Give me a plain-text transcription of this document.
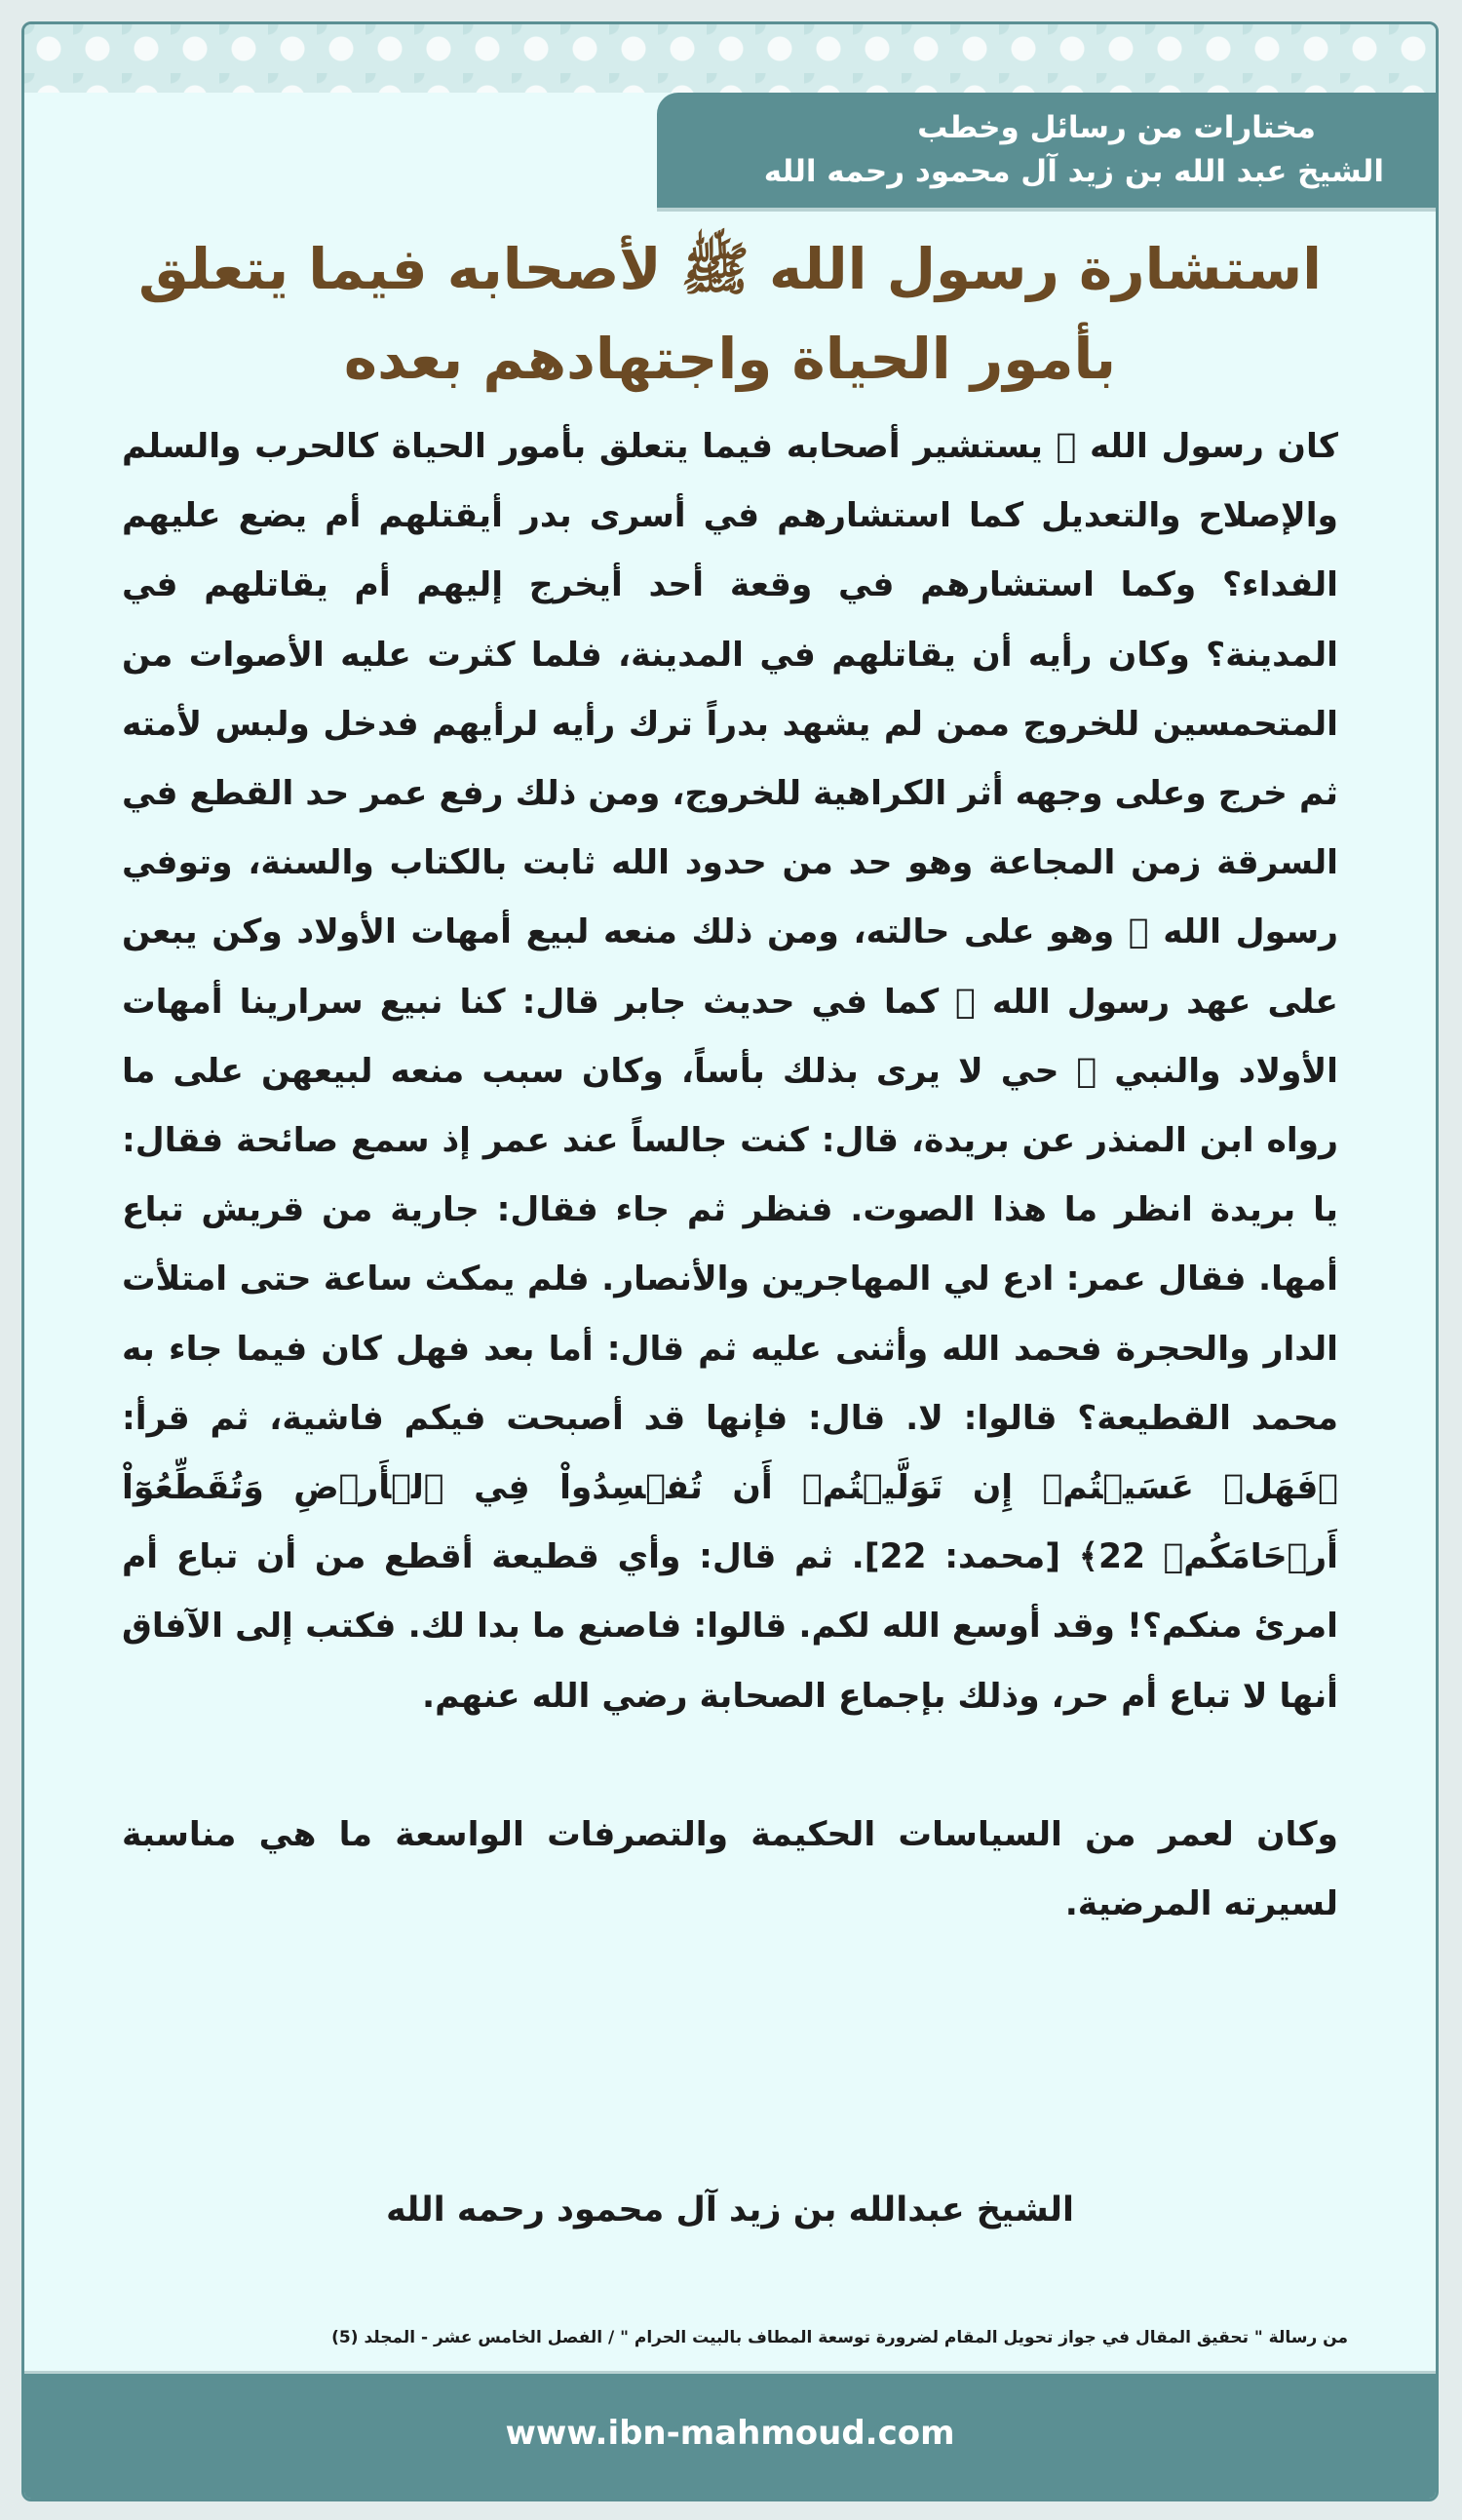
مختارات من رسائل وخطب
الشيخ عبد الله بن زيد آل محمود رحمه الله
استشارة رسول الله ﷺ لأصحابه فيما يتعلق
بأمور الحياة واجتهادهم بعده
كان رسول الله ﷺ يستشير أصحابه فيما يتعلق بأمور الحياة كالحرب والسلم والإصلاح والتعديل كما استشارهم في أسرى بدر أيقتلهم أم يضع عليهم الفداء؟ وكما استشارهم في وقعة أحد أيخرج إليهم أم يقاتلهم في المدينة؟ وكان رأيه أن يقاتلهم في المدينة، فلما كثرت عليه الأصوات من المتحمسين للخروج ممن لم يشهد بدراً ترك رأيه لرأيهم فدخل ولبس لأمته ثم خرج وعلى وجهه أثر الكراهية للخروج، ومن ذلك رفع عمر حد القطع في السرقة زمن المجاعة وهو حد من حدود الله ثابت بالكتاب والسنة، وتوفي رسول الله ﷺ وهو على حالته، ومن ذلك منعه لبيع أمهات الأولاد وكن يبعن على عهد رسول الله ﷺ كما في حديث جابر قال: كنا نبيع سرارينا أمهات الأولاد والنبي ﷺ حي لا يرى بذلك بأساً، وكان سبب منعه لبيعهن على ما رواه ابن المنذر عن بريدة، قال: كنت جالساً عند عمر إذ سمع صائحة فقال: يا بريدة انظر ما هذا الصوت. فنظر ثم جاء فقال: جارية من قريش تباع أمها. فقال عمر: ادع لي المهاجرين والأنصار. فلم يمكث ساعة حتى امتلأت الدار والحجرة فحمد الله وأثنى عليه ثم قال: أما بعد فهل كان فيما جاء به محمد القطيعة؟ قالوا: لا. قال: فإنها قد أصبحت فيكم فاشية، ثم قرأ: ﴿فَهَلۡ عَسَيۡتُمۡ إِن تَوَلَّيۡتُمۡ أَن تُفۡسِدُواْ فِي ٱلۡأَرۡضِ وَتُقَطِّعُوٓاْ أَرۡحَامَكُمۡ 22﴾ [محمد: 22]. ثم قال: وأي قطيعة أقطع من أن تباع أم امرئ منكم؟! وقد أوسع الله لكم. قالوا: فاصنع ما بدا لك. فكتب إلى الآفاق أنها لا تباع أم حر، وذلك بإجماع الصحابة رضي الله عنهم.
وكان لعمر من السياسات الحكيمة والتصرفات الواسعة ما هي مناسبة لسيرته المرضية.
الشيخ عبدالله بن زيد آل محمود رحمه الله
من رسالة " تحقيق المقال في جواز تحويل المقام لضرورة توسعة المطاف بالبيت الحرام " / الفصل الخامس عشر - المجلد (5)
www.ibn-mahmoud.com
